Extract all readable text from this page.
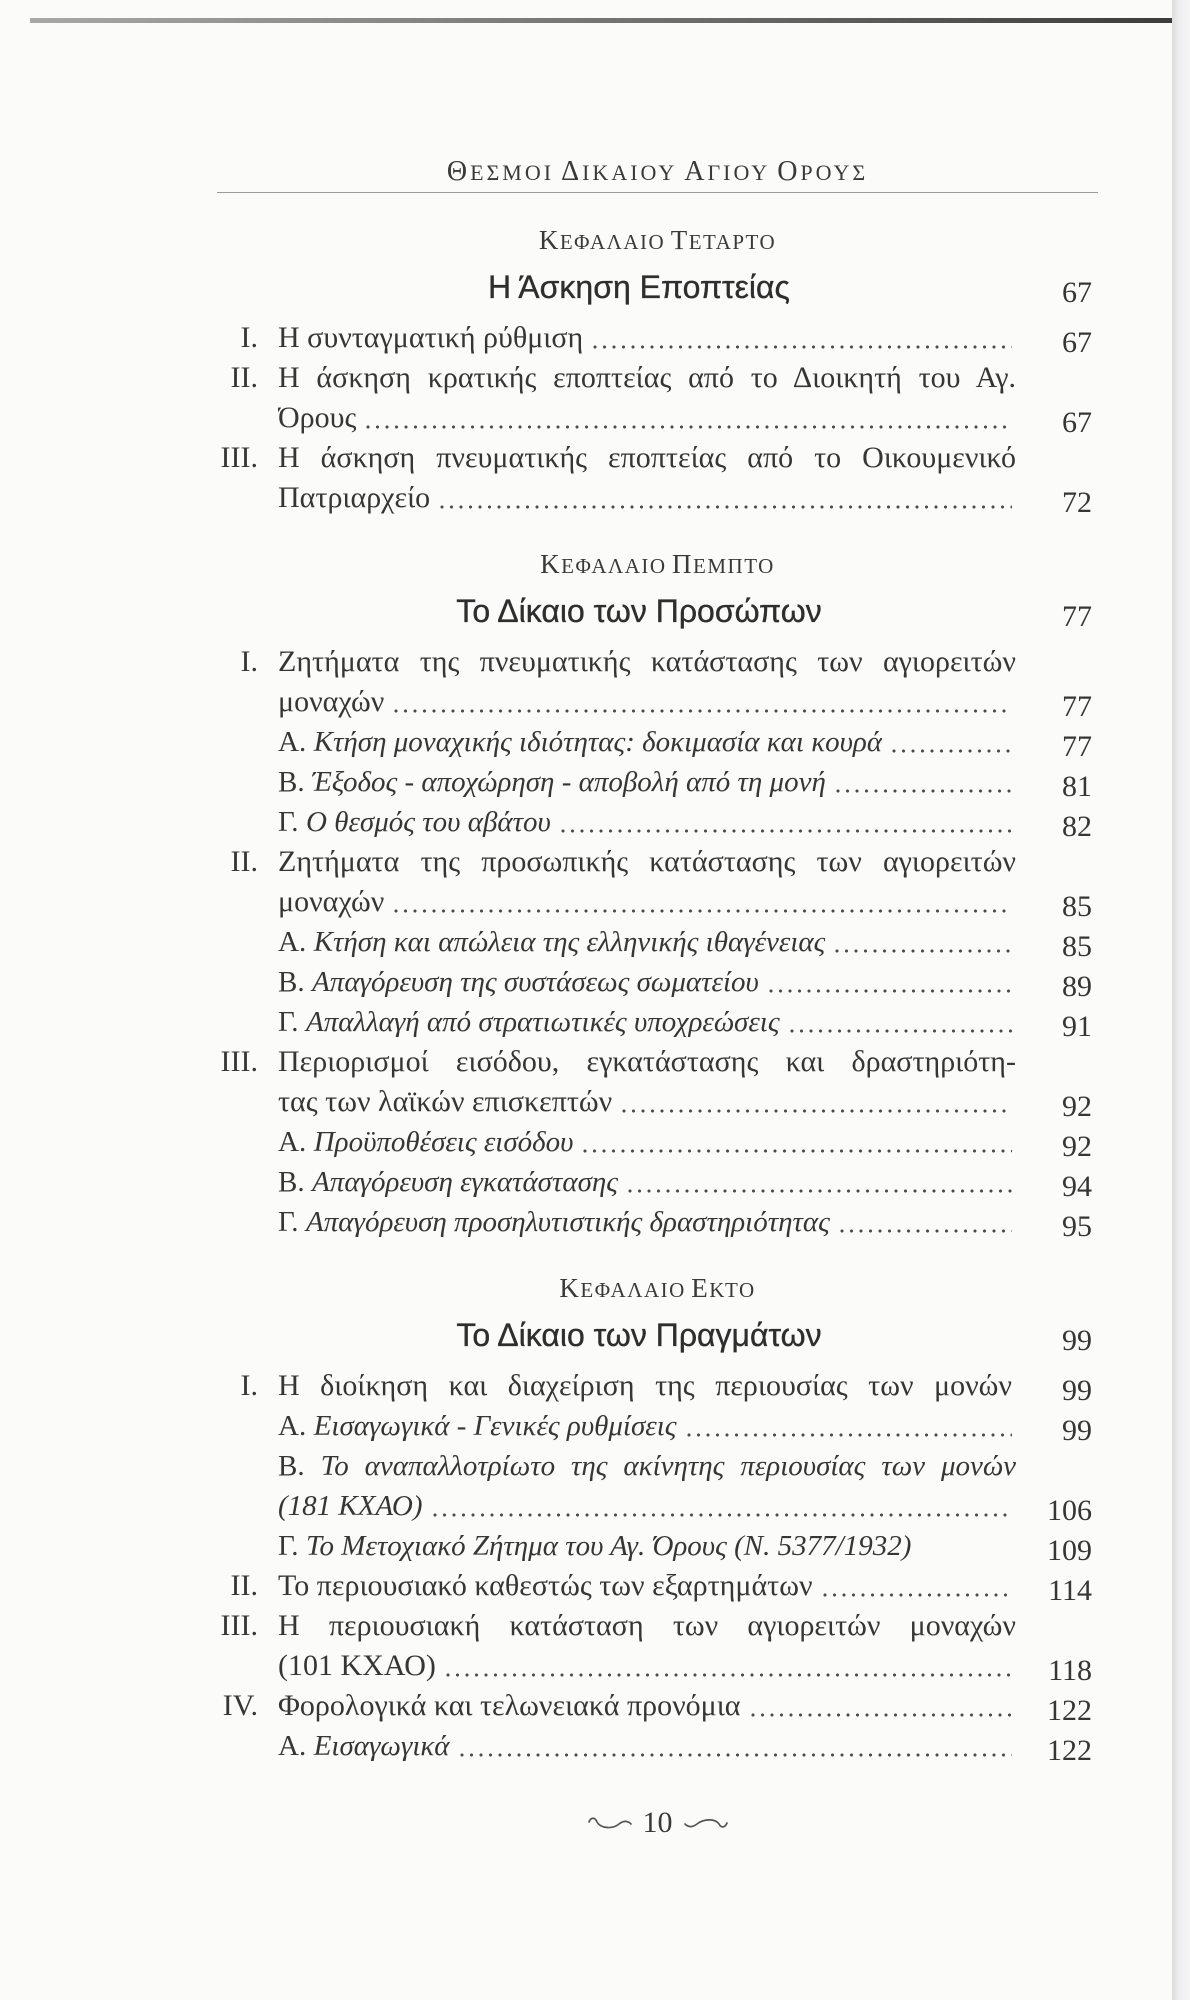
ΘΕΣΜΟΙ ΔΙΚΑΙΟΥ ΑΓΙΟΥ ΟΡΟΥΣ
ΚΕΦΑΛΑΙΟ ΤΕΤΑΡΤΟ
Η Άσκηση Εποπτείας	67
I. Η συνταγματική ρύθμιση	67
II. Η άσκηση κρατικής εποπτείας από το Διοικητή του Αγ.
Όρους	67
III. Η άσκηση πνευματικής εποπτείας από το Οικουμενικό
Πατριαρχείο	72
ΚΕΦΑΛΑΙΟ ΠΕΜΠΤΟ
Το Δίκαιο των Προσώπων	77
I. Ζητήματα της πνευματικής κατάστασης των αγιορειτών
μοναχών	77
Α. Κτήση μοναχικής ιδιότητας: δοκιμασία και κουρά	77
Β. Έξοδος - αποχώρηση - αποβολή από τη μονή	81
Γ. Ο θεσμός του αβάτου	82
II. Ζητήματα της προσωπικής κατάστασης των αγιορειτών
μοναχών	85
Α. Κτήση και απώλεια της ελληνικής ιθαγένειας	85
Β. Απαγόρευση της συστάσεως σωματείου	89
Γ. Απαλλαγή από στρατιωτικές υποχρεώσεις	91
III. Περιορισμοί εισόδου, εγκατάστασης και δραστηριότη-
τας των λαϊκών επισκεπτών	92
Α. Προϋποθέσεις εισόδου	92
Β. Απαγόρευση εγκατάστασης	94
Γ. Απαγόρευση προσηλυτιστικής δραστηριότητας	95
ΚΕΦΑΛΑΙΟ ΕΚΤΟ
Το Δίκαιο των Πραγμάτων	99
I. Η διοίκηση και διαχείριση της περιουσίας των μονών	99
Α. Εισαγωγικά - Γενικές ρυθμίσεις	99
Β. Το αναπαλλοτρίωτο της ακίνητης περιουσίας των μονών
(181 ΚΧΑΟ)	106
Γ. Το Μετοχιακό Ζήτημα του Αγ. Όρους (Ν. 5377/1932)	109
II. Το περιουσιακό καθεστώς των εξαρτημάτων	114
III. Η περιουσιακή κατάσταση των αγιορειτών μοναχών
(101 ΚΧΑΟ)	118
IV. Φορολογικά και τελωνειακά προνόμια	122
Α. Εισαγωγικά	122
10
